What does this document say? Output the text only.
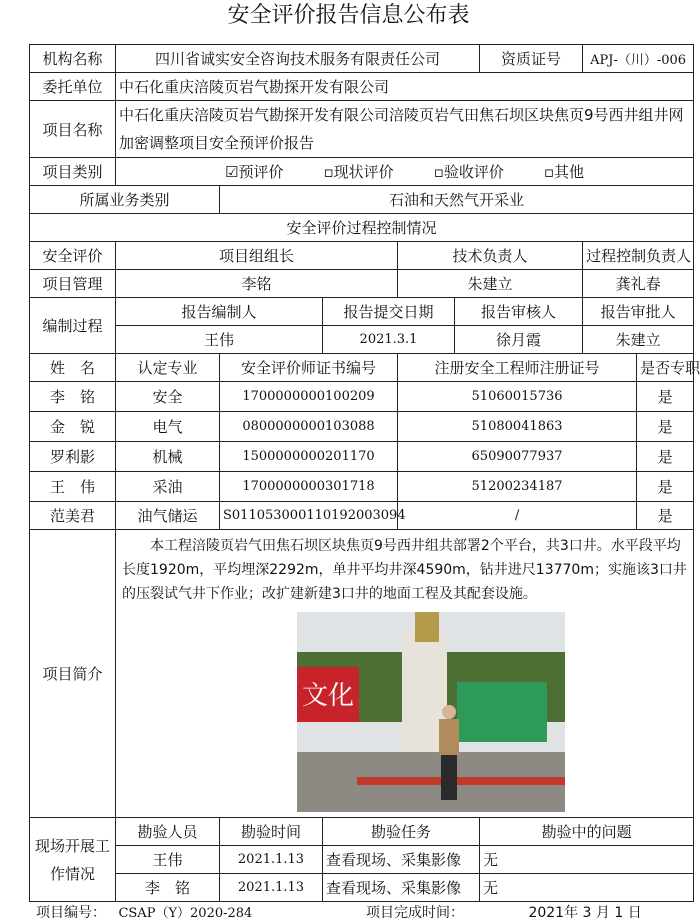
安全评价报告信息公布表
机构名称	四川省诚实安全咨询技术服务有限责任公司					资质证号	APJ-（川）-006	
委托单位	中石化重庆涪陵页岩气勘探开发有限公司							
项目名称	中石化重庆涪陵页岩气勘探开发有限公司涪陵页岩气田焦石坝区块焦页9号西井组井网加密调整项目安全预评价报告							
项目类别	☑预评价 ▫现状评价 ▫验收评价 ▫其他							
所属业务类别		石油和天然气开采业						
安全评价过程控制情况								
安全评价	项目组组长			技术负责人			过程控制负责人	
项目管理	李铭			朱建立			龚礼春	
编制过程	报告编制人		报告提交日期		报告审核人		报告审批人	
	王伟		2021.3.1		徐月霞		朱建立	
姓　名	认定专业	安全评价师证书编号		注册安全工程师注册证号				是否专职
李　铭	安全	1700000000100209		51060015736				是
金　锐	电气	0800000000103088		51080041863				是
罗利影	机械	1500000000201170		65090077937				是
王　伟	采油	1700000000301718		51200234187				是
范美君	油气储运	S011053000110192003094		/				是
项目简介	本工程涪陵页岩气田焦石坝区块焦页9号西井组共部署2个平台，共3口井。水平段平均长度1920m，平均埋深2292m，单井平均井深4590m，钻井进尺13770m；实施该3口井的压裂试气井下作业；改扩建新建3口井的地面工程及其配套设施。

文化							

现场开展工作情况	勘验人员	勘验时间	勘验任务			勘验中的问题		
	王伟	2021.1.13	查看现场、采集影像			无		
	李　铭	2021.1.13	查看现场、采集影像			无		
项目编号： CSAP（Y）2020-284	项目完成时间：	2021年 3 月 1 日
